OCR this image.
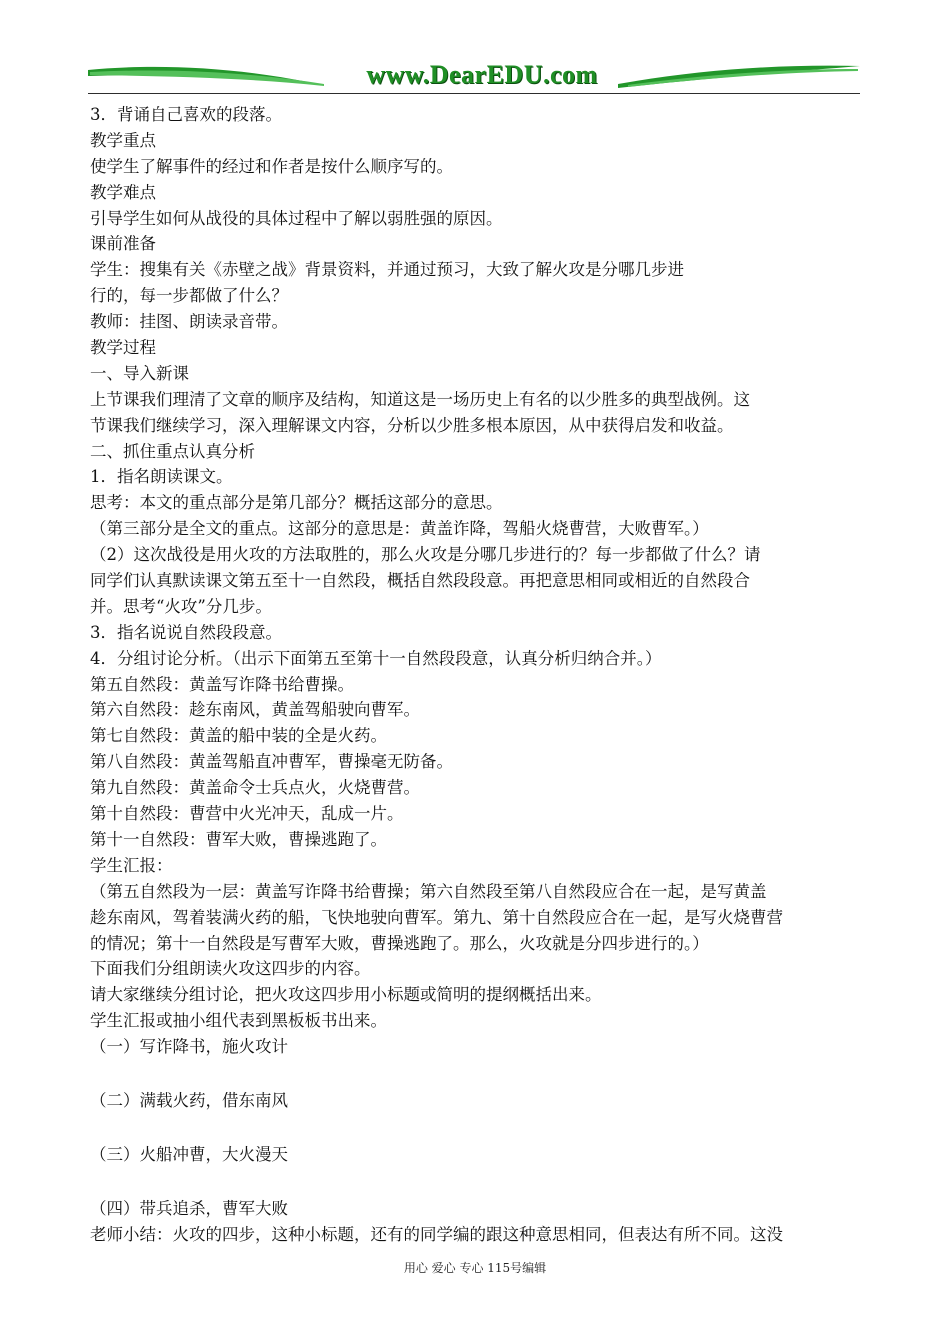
www.DearEDU.com
3．背诵自己喜欢的段落。
教学重点
使学生了解事件的经过和作者是按什么顺序写的。
教学难点
引导学生如何从战役的具体过程中了解以弱胜强的原因。
课前准备
学生：搜集有关《赤壁之战》背景资料，并通过预习，大致了解火攻是分哪几步进
行的，每一步都做了什么？
教师：挂图、朗读录音带。
教学过程
一、导入新课
上节课我们理清了文章的顺序及结构，知道这是一场历史上有名的以少胜多的典型战例。这
节课我们继续学习，深入理解课文内容，分析以少胜多根本原因，从中获得启发和收益。
二、抓住重点认真分析
1．指名朗读课文。
思考：本文的重点部分是第几部分？概括这部分的意思。
（第三部分是全文的重点。这部分的意思是：黄盖诈降，驾船火烧曹营，大败曹军。）
（2）这次战役是用火攻的方法取胜的，那么火攻是分哪几步进行的？每一步都做了什么？请
同学们认真默读课文第五至十一自然段，概括自然段段意。再把意思相同或相近的自然段合
并。思考“火攻”分几步。
3．指名说说自然段段意。
4．分组讨论分析。（出示下面第五至第十一自然段段意，认真分析归纳合并。）
第五自然段：黄盖写诈降书给曹操。
第六自然段：趁东南风，黄盖驾船驶向曹军。
第七自然段：黄盖的船中装的全是火药。
第八自然段：黄盖驾船直冲曹军，曹操毫无防备。
第九自然段：黄盖命令士兵点火，火烧曹营。
第十自然段：曹营中火光冲天，乱成一片。
第十一自然段：曹军大败，曹操逃跑了。
学生汇报：
（第五自然段为一层：黄盖写诈降书给曹操；第六自然段至第八自然段应合在一起，是写黄盖
趁东南风，驾着装满火药的船，飞快地驶向曹军。第九、第十自然段应合在一起，是写火烧曹营
的情况；第十一自然段是写曹军大败，曹操逃跑了。那么，火攻就是分四步进行的。）
下面我们分组朗读火攻这四步的内容。
请大家继续分组讨论，把火攻这四步用小标题或简明的提纲概括出来。
学生汇报或抽小组代表到黑板板书出来。
（一）写诈降书，施火攻计
（二）满载火药，借东南风
（三）火船冲曹，大火漫天
（四）带兵追杀，曹军大败
老师小结：火攻的四步，这种小标题，还有的同学编的跟这种意思相同，但表达有所不同。这没
用心 爱心 专心 115号编辑
